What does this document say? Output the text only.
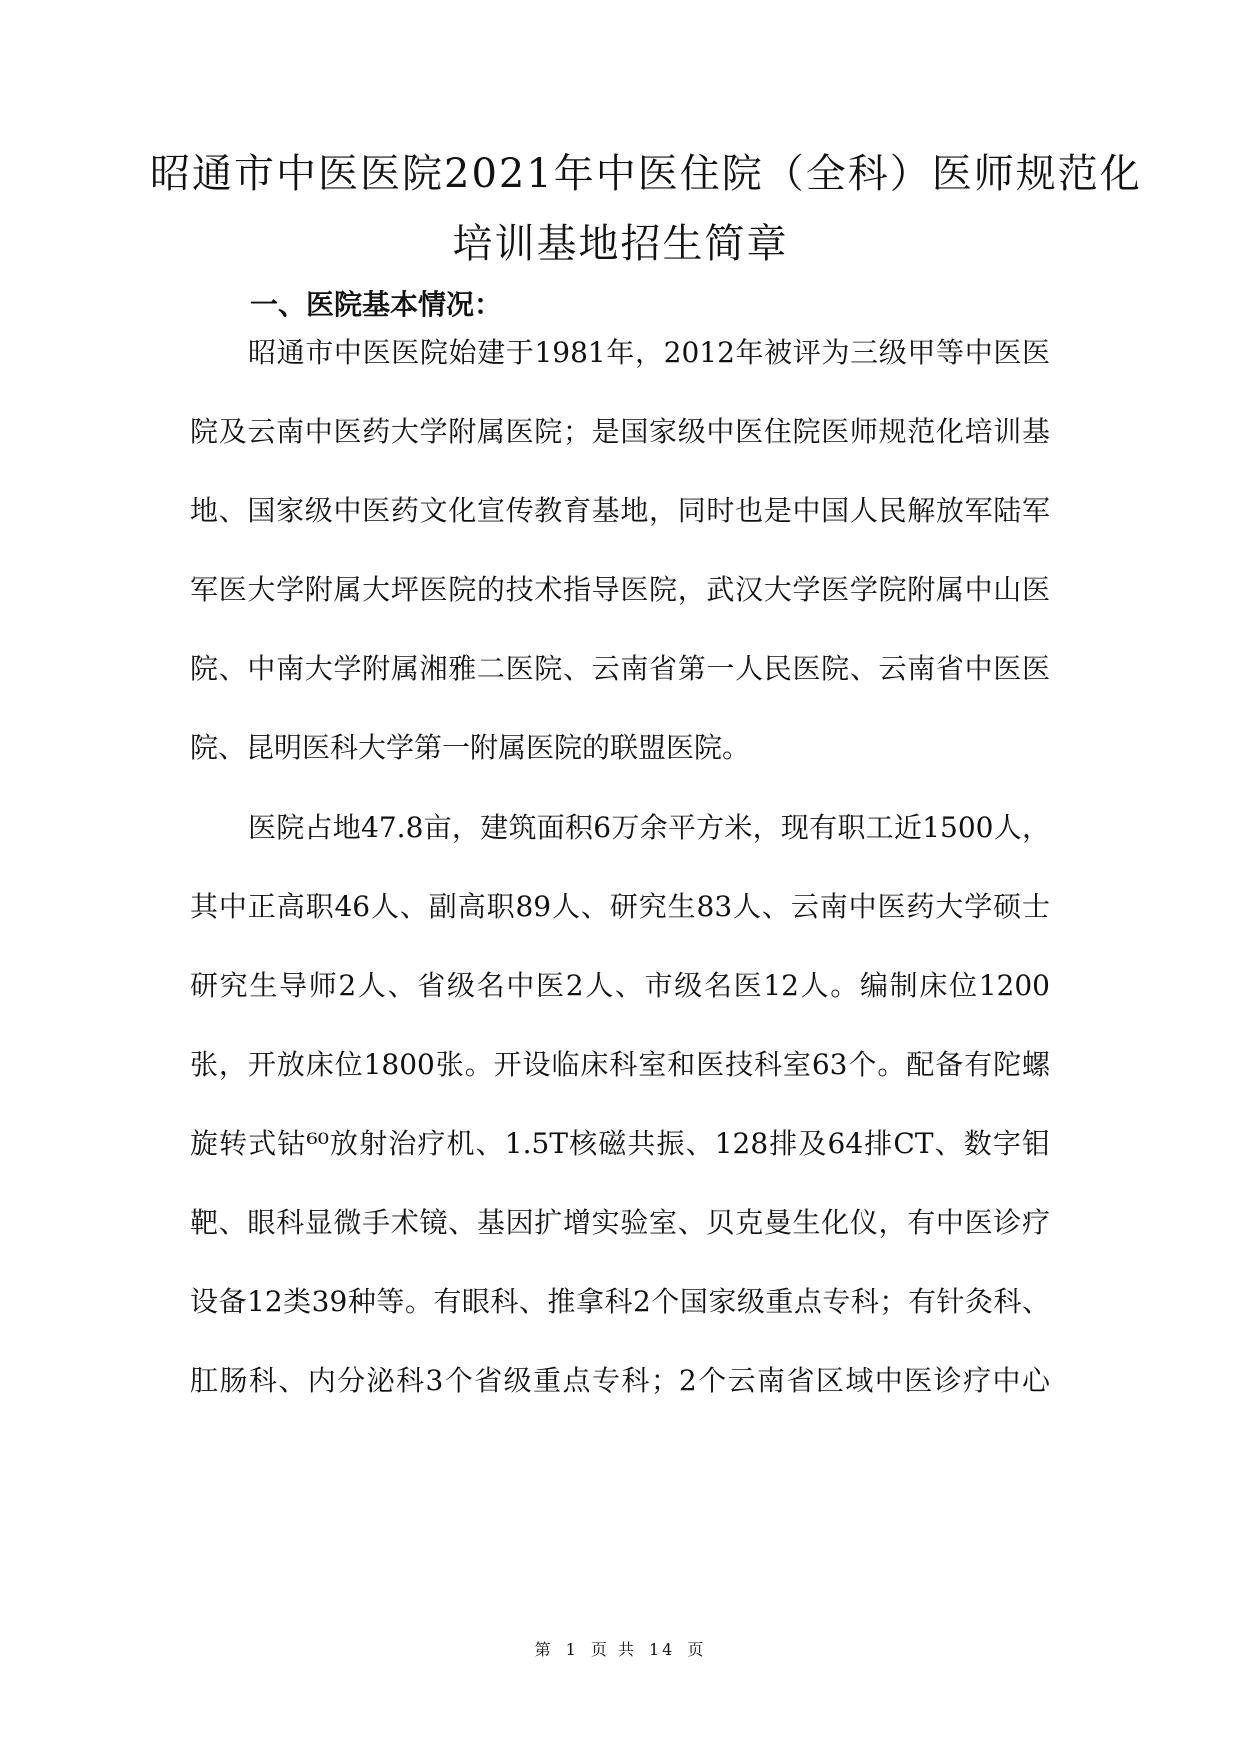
昭通市中医医院2021年中医住院（全科）医师规范化
培训基地招生简章
一、医院基本情况：
昭通市中医医院始建于1981年，2012年被评为三级甲等中医医
院及云南中医药大学附属医院；是国家级中医住院医师规范化培训基
地、国家级中医药文化宣传教育基地，同时也是中国人民解放军陆军
军医大学附属大坪医院的技术指导医院，武汉大学医学院附属中山医
院、中南大学附属湘雅二医院、云南省第一人民医院、云南省中医医
院、昆明医科大学第一附属医院的联盟医院。
医院占地47.8亩，建筑面积6万余平方米，现有职工近1500人，
其中正高职46人、副高职89人、研究生83人、云南中医药大学硕士
研究生导师2人、省级名中医2人、市级名医12人。编制床位1200
张，开放床位1800张。开设临床科室和医技科室63个。配备有陀螺
旋转式钴⁶⁰放射治疗机、1.5T核磁共振、128排及64排CT、数字钼
靶、眼科显微手术镜、基因扩增实验室、贝克曼生化仪，有中医诊疗
设备12类39种等。有眼科、推拿科2个国家级重点专科；有针灸科、
肛肠科、内分泌科3个省级重点专科；2个云南省区域中医诊疗中心
第 1 页 共 14 页
